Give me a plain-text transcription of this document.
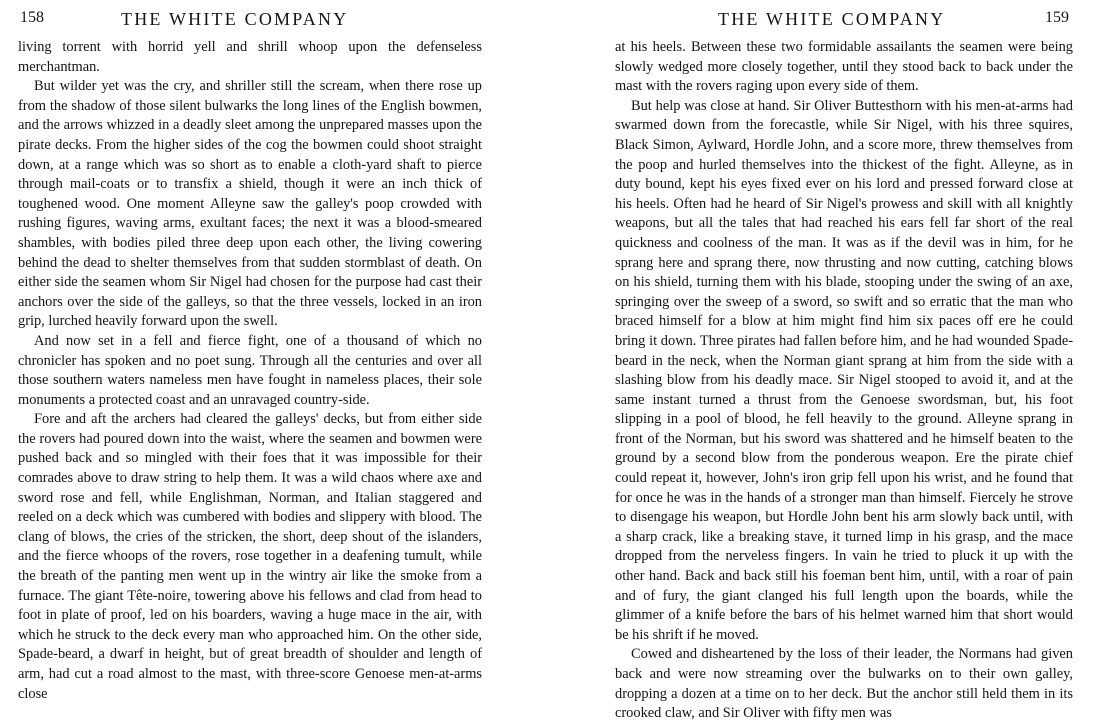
158	THE WHITE COMPANY

living torrent with horrid yell and shrill whoop upon the defenseless merchantman.

But wilder yet was the cry, and shriller still the scream, when there rose up from the shadow of those silent bulwarks the long lines of the English bowmen, and the arrows whizzed in a deadly sleet among the unprepared masses upon the pirate decks. From the higher sides of the cog the bowmen could shoot straight down, at a range which was so short as to enable a cloth-yard shaft to pierce through mail-coats or to transfix a shield, though it were an inch thick of toughened wood. One moment Alleyne saw the galley's poop crowded with rushing figures, waving arms, exultant faces; the next it was a blood-smeared shambles, with bodies piled three deep upon each other, the living cowering behind the dead to shelter themselves from that sudden stormblast of death. On either side the seamen whom Sir Nigel had chosen for the purpose had cast their anchors over the side of the galleys, so that the three vessels, locked in an iron grip, lurched heavily forward upon the swell.

And now set in a fell and fierce fight, one of a thousand of which no chronicler has spoken and no poet sung. Through all the centuries and over all those southern waters nameless men have fought in nameless places, their sole monuments a protected coast and an unravaged country-side.

Fore and aft the archers had cleared the galleys' decks, but from either side the rovers had poured down into the waist, where the seamen and bowmen were pushed back and so mingled with their foes that it was impossible for their comrades above to draw string to help them. It was a wild chaos where axe and sword rose and fell, while Englishman, Norman, and Italian staggered and reeled on a deck which was cumbered with bodies and slippery with blood. The clang of blows, the cries of the stricken, the short, deep shout of the islanders, and the fierce whoops of the rovers, rose together in a deafening tumult, while the breath of the panting men went up in the wintry air like the smoke from a furnace. The giant Tête-noire, towering above his fellows and clad from head to foot in plate of proof, led on his boarders, waving a huge mace in the air, with which he struck to the deck every man who approached him. On the other side, Spade-beard, a dwarf in height, but of great breadth of shoulder and length of arm, had cut a road almost to the mast, with three-score Genoese men-at-arms close

THE WHITE COMPANY	159

at his heels. Between these two formidable assailants the seamen were being slowly wedged more closely together, until they stood back to back under the mast with the rovers raging upon every side of them.

But help was close at hand. Sir Oliver Buttesthorn with his men-at-arms had swarmed down from the forecastle, while Sir Nigel, with his three squires, Black Simon, Aylward, Hordle John, and a score more, threw themselves from the poop and hurled themselves into the thickest of the fight. Alleyne, as in duty bound, kept his eyes fixed ever on his lord and pressed forward close at his heels. Often had he heard of Sir Nigel's prowess and skill with all knightly weapons, but all the tales that had reached his ears fell far short of the real quickness and coolness of the man. It was as if the devil was in him, for he sprang here and sprang there, now thrusting and now cutting, catching blows on his shield, turning them with his blade, stooping under the swing of an axe, springing over the sweep of a sword, so swift and so erratic that the man who braced himself for a blow at him might find him six paces off ere he could bring it down. Three pirates had fallen before him, and he had wounded Spade-beard in the neck, when the Norman giant sprang at him from the side with a slashing blow from his deadly mace. Sir Nigel stooped to avoid it, and at the same instant turned a thrust from the Genoese swordsman, but, his foot slipping in a pool of blood, he fell heavily to the ground. Alleyne sprang in front of the Norman, but his sword was shattered and he himself beaten to the ground by a second blow from the ponderous weapon. Ere the pirate chief could repeat it, however, John's iron grip fell upon his wrist, and he found that for once he was in the hands of a stronger man than himself. Fiercely he strove to disengage his weapon, but Hordle John bent his arm slowly back until, with a sharp crack, like a breaking stave, it turned limp in his grasp, and the mace dropped from the nerveless fingers. In vain he tried to pluck it up with the other hand. Back and back still his foeman bent him, until, with a roar of pain and of fury, the giant clanged his full length upon the boards, while the glimmer of a knife before the bars of his helmet warned him that short would be his shrift if he moved.

Cowed and disheartened by the loss of their leader, the Normans had given back and were now streaming over the bulwarks on to their own galley, dropping a dozen at a time on to her deck. But the anchor still held them in its crooked claw, and Sir Oliver with fifty men was
